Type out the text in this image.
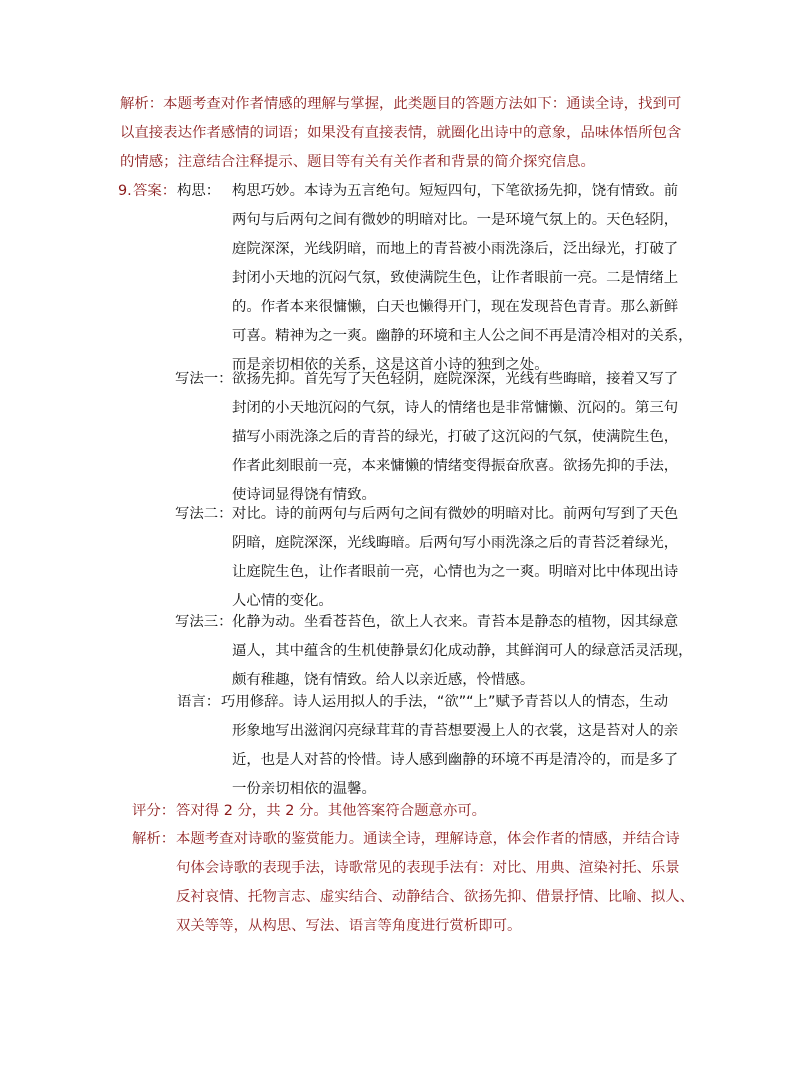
解析：本题考查对作者情感的理解与掌握，此类题目的答题方法如下：通读全诗，找到可
以直接表达作者感情的词语；如果没有直接表情，就圈化出诗中的意象，品味体悟所包含
的情感；注意结合注释提示、题目等有关有关作者和背景的简介探究信息。
9. 答案： 构思： 构思巧妙。本诗为五言绝句。短短四句，下笔欲扬先抑，饶有情致。前
两句与后两句之间有微妙的明暗对比。一是环境气氛上的。天色轻阴，
庭院深深，光线阴暗，而地上的青苔被小雨洗涤后，泛出绿光，打破了
封闭小天地的沉闷气氛，致使满院生色，让作者眼前一亮。二是情绪上
的。作者本来很慵懒，白天也懒得开门，现在发现苔色青青。那么新鲜
可喜。精神为之一爽。幽静的环境和主人公之间不再是清冷相对的关系，
而是亲切相依的关系，这是这首小诗的独到之处。
写法一： 欲扬先抑。首先写了天色轻阴，庭院深深，光线有些晦暗，接着又写了
封闭的小天地沉闷的气氛，诗人的情绪也是非常慵懒、沉闷的。第三句
描写小雨洗涤之后的青苔的绿光，打破了这沉闷的气氛，使满院生色，
作者此刻眼前一亮，本来慵懒的情绪变得振奋欣喜。欲扬先抑的手法，
使诗词显得饶有情致。
写法二： 对比。诗的前两句与后两句之间有微妙的明暗对比。前两句写到了天色
阴暗，庭院深深，光线晦暗。后两句写小雨洗涤之后的青苔泛着绿光，
让庭院生色，让作者眼前一亮，心情也为之一爽。明暗对比中体现出诗
人心情的变化。
写法三： 化静为动。坐看苍苔色，欲上人衣来。青苔本是静态的植物，因其绿意
逼人，其中蕴含的生机使静景幻化成动静，其鲜润可人的绿意活灵活现，
颇有稚趣，饶有情致。给人以亲近感，怜惜感。
语言： 巧用修辞。诗人运用拟人的手法，“欲”“上”赋予青苔以人的情态，生动
形象地写出滋润闪亮绿茸茸的青苔想要漫上人的衣裳，这是苔对人的亲
近，也是人对苔的怜惜。诗人感到幽静的环境不再是清冷的，而是多了
一份亲切相依的温馨。
评分： 答对得 2 分，共 2 分。其他答案符合题意亦可。
解析： 本题考查对诗歌的鉴赏能力。通读全诗，理解诗意，体会作者的情感，并结合诗
句体会诗歌的表现手法，诗歌常见的表现手法有：对比、用典、渲染衬托、乐景
反衬哀情、托物言志、虚实结合、动静结合、欲扬先抑、借景抒情、比喻、拟人、
双关等等，从构思、写法、语言等角度进行赏析即可。
